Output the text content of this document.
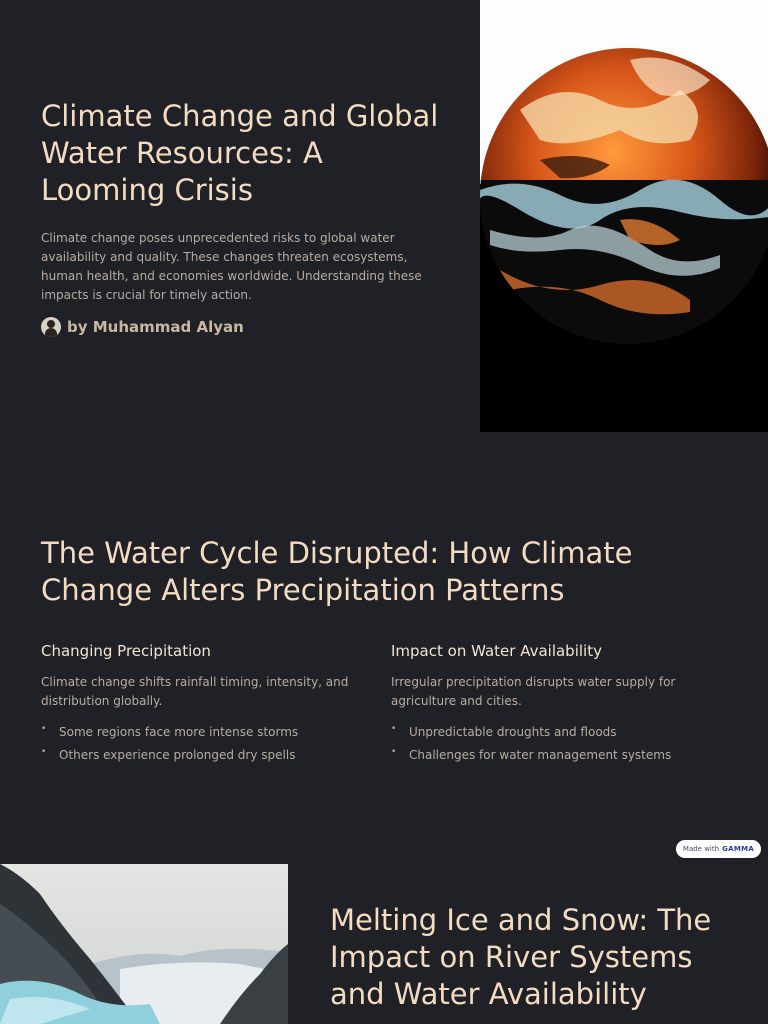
Climate Change and Global Water Resources: A Looming Crisis
Climate change poses unprecedented risks to global water availability and quality. These changes threaten ecosystems, human health, and economies worldwide. Understanding these impacts is crucial for timely action.
by Muhammad Alyan
The Water Cycle Disrupted: How Climate Change Alters Precipitation Patterns
Changing Precipitation
Climate change shifts rainfall timing, intensity, and distribution globally.
• Some regions face more intense storms
• Others experience prolonged dry spells
Impact on Water Availability
Irregular precipitation disrupts water supply for agriculture and cities.
• Unpredictable droughts and floods
• Challenges for water management systems
Made with GAMMA
Melting Ice and Snow: The Impact on River Systems and Water Availability
